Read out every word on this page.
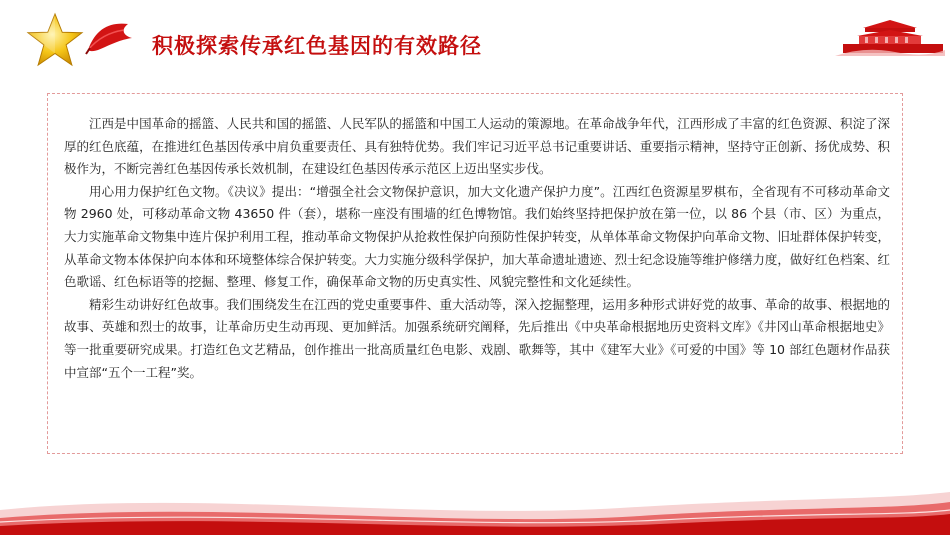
积极探索传承红色基因的有效路径

江西是中国革命的摇篮、人民共和国的摇篮、人民军队的摇篮和中国工人运动的策源地。在革命战争年代，江西形成了丰富的红色资源、积淀了深厚的红色底蕴，在推进红色基因传承中肩负重要责任、具有独特优势。我们牢记习近平总书记重要讲话、重要指示精神，坚持守正创新、扬优成势、积极作为，不断完善红色基因传承长效机制，在建设红色基因传承示范区上迈出坚实步伐。

用心用力保护红色文物。《决议》提出：“增强全社会文物保护意识，加大文化遗产保护力度”。江西红色资源星罗棋布，全省现有不可移动革命文物 2960 处，可移动革命文物 43650 件（套），堪称一座没有围墙的红色博物馆。我们始终坚持把保护放在第一位，以 86 个县（市、区）为重点，大力实施革命文物集中连片保护利用工程，推动革命文物保护从抢救性保护向预防性保护转变，从单体革命文物保护向革命文物、旧址群体保护转变，从革命文物本体保护向本体和环境整体综合保护转变。大力实施分级科学保护，加大革命遗址遗迹、烈士纪念设施等维护修缮力度，做好红色档案、红色歌谣、红色标语等的挖掘、整理、修复工作，确保革命文物的历史真实性、风貌完整性和文化延续性。

精彩生动讲好红色故事。我们围绕发生在江西的党史重要事件、重大活动等，深入挖掘整理，运用多种形式讲好党的故事、革命的故事、根据地的故事、英雄和烈士的故事，让革命历史生动再现、更加鲜活。加强系统研究阐释，先后推出《中央革命根据地历史资料文库》《井冈山革命根据地史》等一批重要研究成果。打造红色文艺精品，创作推出一批高质量红色电影、戏剧、歌舞等，其中《建军大业》《可爱的中国》等 10 部红色题材作品获中宣部“五个一工程”奖。
